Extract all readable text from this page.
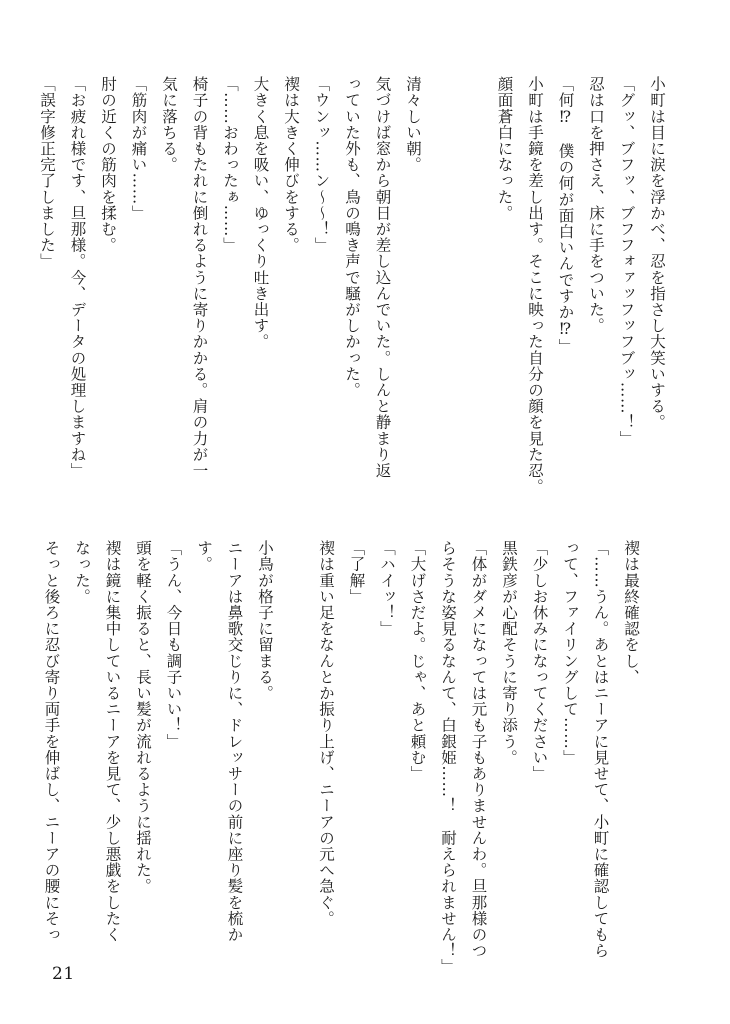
小町は目に涙を浮かべ、忍を指さし大笑いする。
「グッ、ブフッ、ブフフォァッフッフブッ……！」
忍は口を押さえ、床に手をついた。
「何⁉　僕の何が面白いんですか⁉」
小町は手鏡を差し出す。そこに映った自分の顔を見た忍。
顔面蒼白になった。
清々しい朝。
気づけば窓から朝日が差し込んでいた。しんと静まり返
っていた外も、鳥の鳴き声で騒がしかった。
「ウンッ……ン〜〜！」
禊は大きく伸びをする。
大きく息を吸い、ゆっくり吐き出す。
「……おわったぁ……」
椅子の背もたれに倒れるように寄りかかる。肩の力が一
気に落ちる。
「筋肉が痛い……」
肘の近くの筋肉を揉む。
「お疲れ様です、旦那様。今、データの処理しますね」
「誤字修正完了しました」
禊は最終確認をし、
「……うん。あとはニーアに見せて、小町に確認してもら
って、ファイリングして……」
「少しお休みになってください」
黒鉄彦が心配そうに寄り添う。
「体がダメになっては元も子もありませんわ。旦那様のつ
らそうな姿見るなんて、白銀姫……！　耐えられません！」
「大げさだよ。じゃ、あと頼む」
「ハイッ！」
「了解」
禊は重い足をなんとか振り上げ、ニーアの元へ急ぐ。
小鳥が格子に留まる。
ニーアは鼻歌交じりに、ドレッサーの前に座り髪を梳か
す。
「うん、今日も調子いい！」
頭を軽く振ると、長い髪が流れるように揺れた。
禊は鏡に集中しているニーアを見て、少し悪戯をしたく
なった。
そっと後ろに忍び寄り両手を伸ばし、ニーアの腰にそっ
21
